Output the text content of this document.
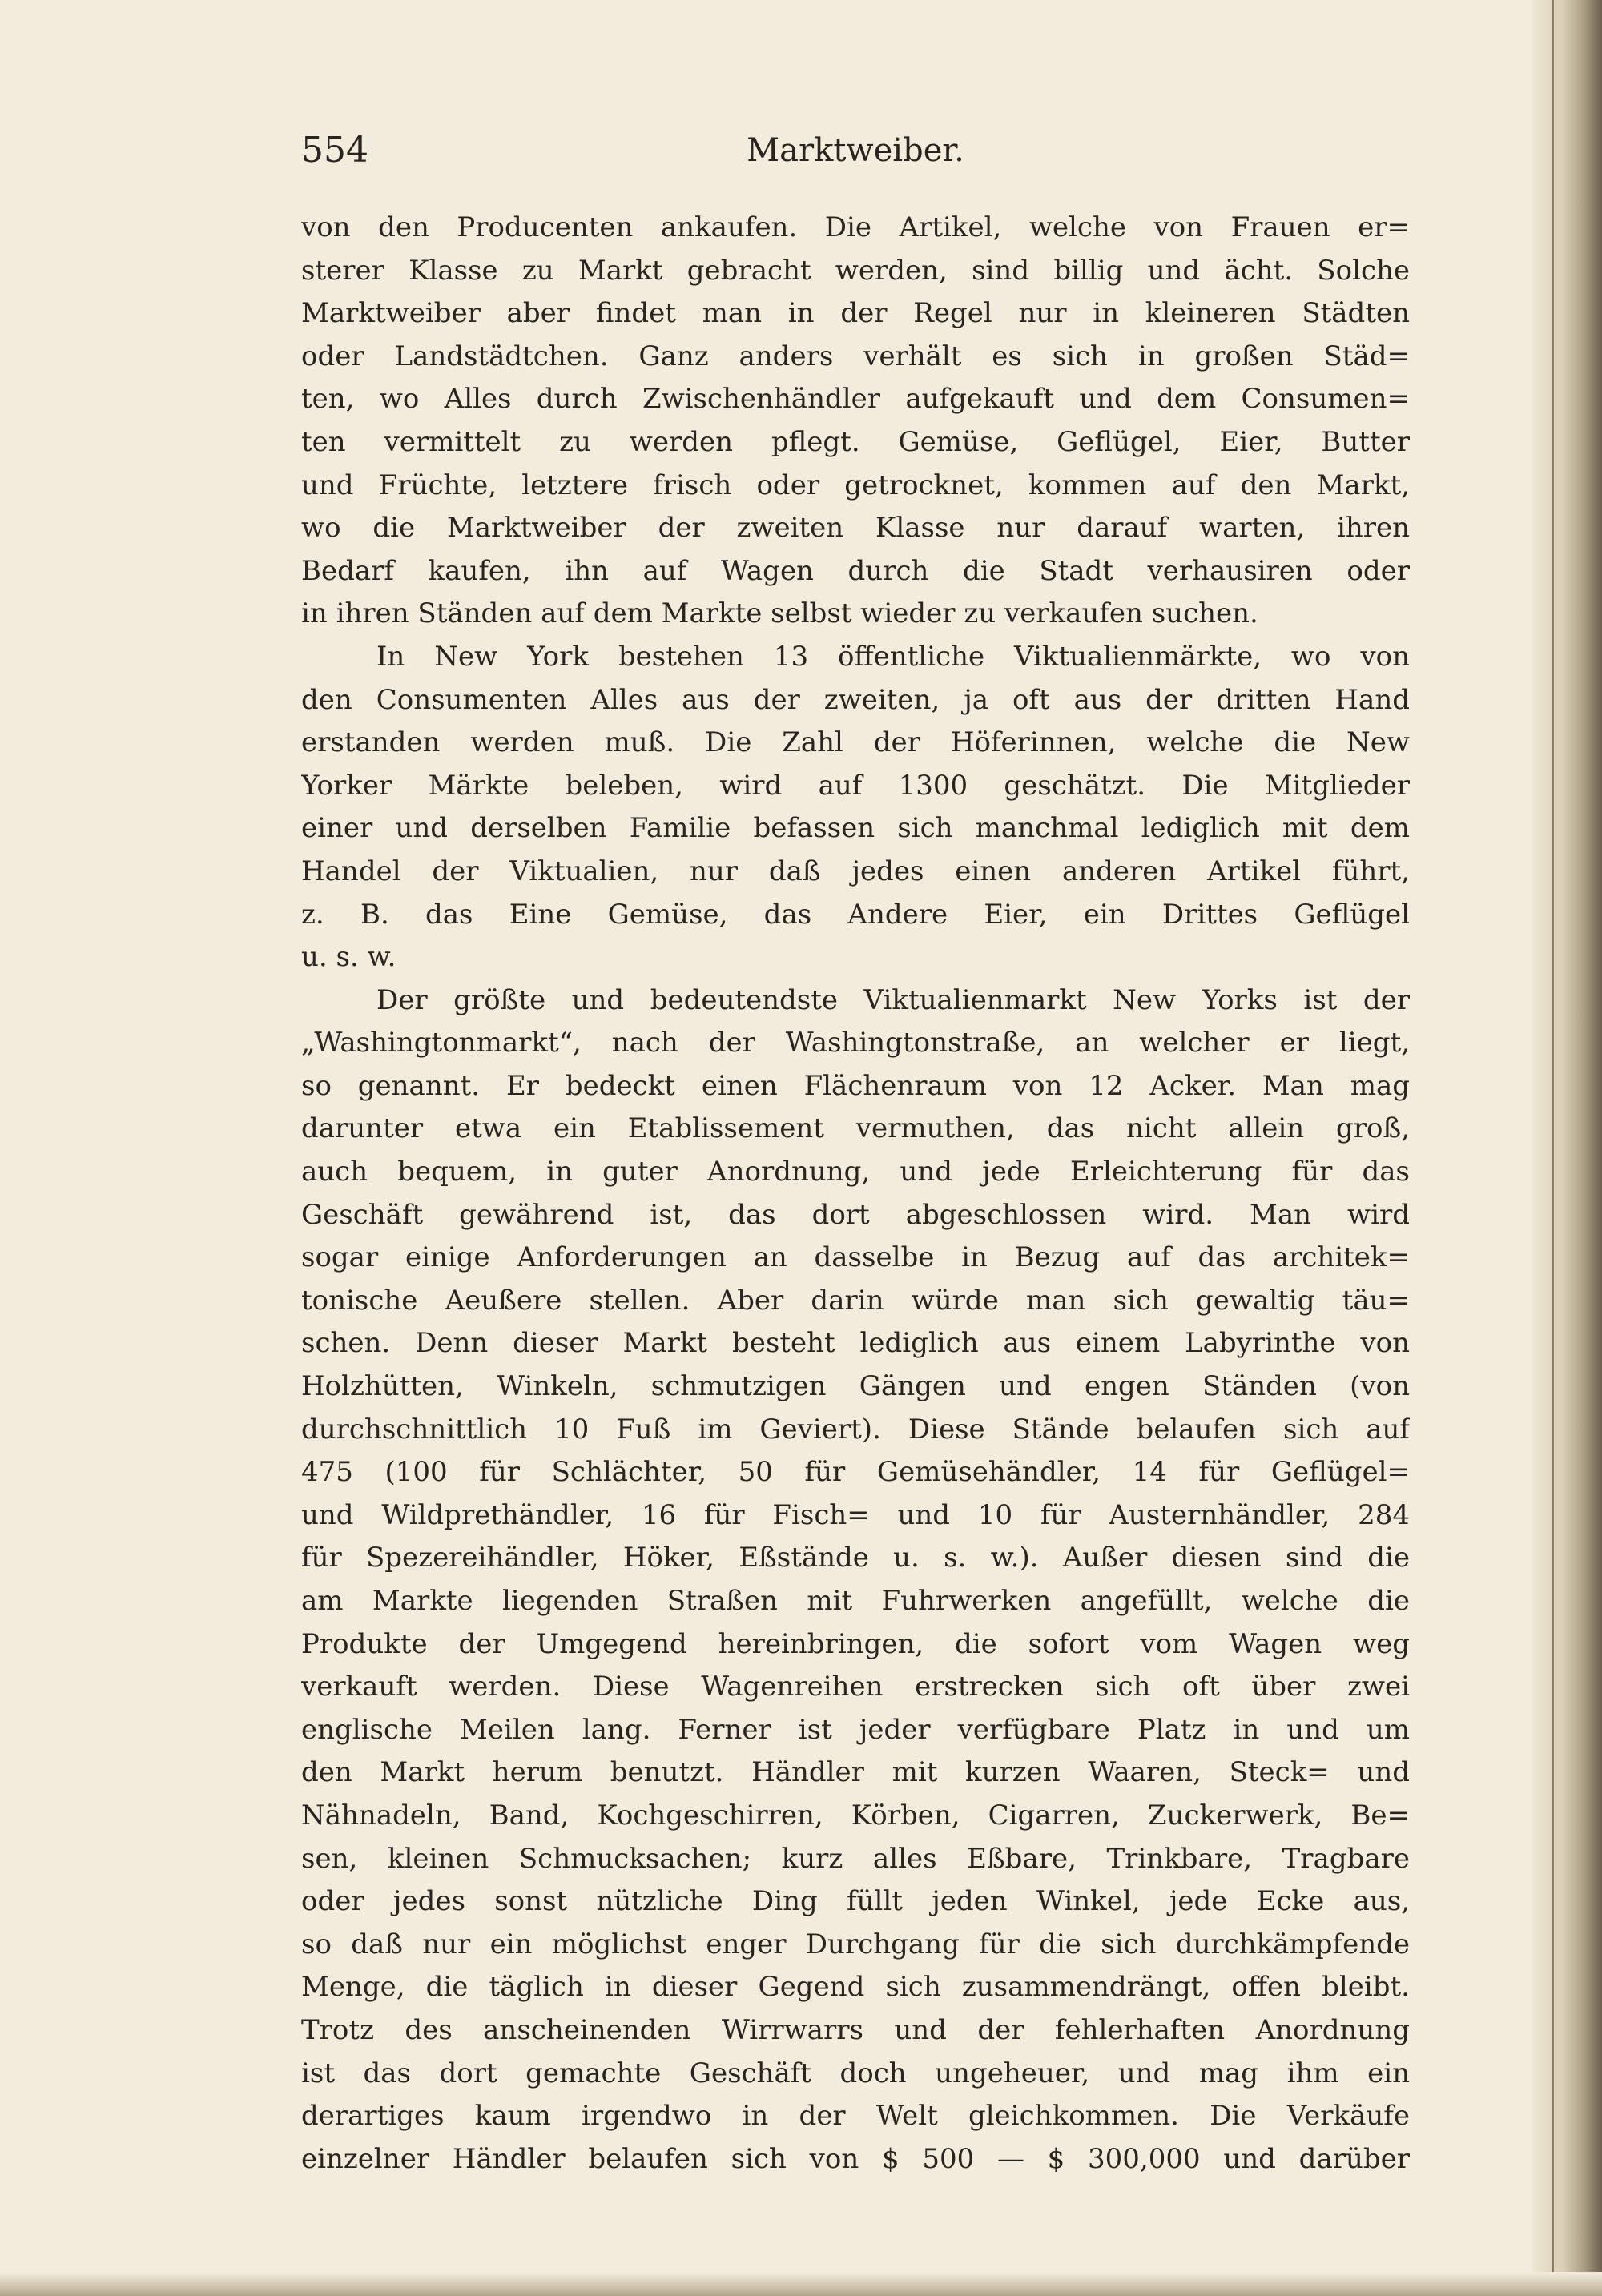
554	Marktweiber.
von den Producenten ankaufen. Die Artikel, welche von Frauen er=
sterer Klasse zu Markt gebracht werden, sind billig und ächt. Solche
Marktweiber aber findet man in der Regel nur in kleineren Städten
oder Landstädtchen. Ganz anders verhält es sich in großen Städ=
ten, wo Alles durch Zwischenhändler aufgekauft und dem Consumen=
ten vermittelt zu werden pflegt. Gemüse, Geflügel, Eier, Butter
und Früchte, letztere frisch oder getrocknet, kommen auf den Markt,
wo die Marktweiber der zweiten Klasse nur darauf warten, ihren
Bedarf kaufen, ihn auf Wagen durch die Stadt verhausiren oder
in ihren Ständen auf dem Markte selbst wieder zu verkaufen suchen.
In New York bestehen 13 öffentliche Viktualienmärkte, wo von
den Consumenten Alles aus der zweiten, ja oft aus der dritten Hand
erstanden werden muß. Die Zahl der Höferinnen, welche die New
Yorker Märkte beleben, wird auf 1300 geschätzt. Die Mitglieder
einer und derselben Familie befassen sich manchmal lediglich mit dem
Handel der Viktualien, nur daß jedes einen anderen Artikel führt,
z. B. das Eine Gemüse, das Andere Eier, ein Drittes Geflügel
u. s. w.
Der größte und bedeutendste Viktualienmarkt New Yorks ist der
„Washingtonmarkt“, nach der Washingtonstraße, an welcher er liegt,
so genannt. Er bedeckt einen Flächenraum von 12 Acker. Man mag
darunter etwa ein Etablissement vermuthen, das nicht allein groß,
auch bequem, in guter Anordnung, und jede Erleichterung für das
Geschäft gewährend ist, das dort abgeschlossen wird. Man wird
sogar einige Anforderungen an dasselbe in Bezug auf das architek=
tonische Aeußere stellen. Aber darin würde man sich gewaltig täu=
schen. Denn dieser Markt besteht lediglich aus einem Labyrinthe von
Holzhütten, Winkeln, schmutzigen Gängen und engen Ständen (von
durchschnittlich 10 Fuß im Geviert). Diese Stände belaufen sich auf
475 (100 für Schlächter, 50 für Gemüsehändler, 14 für Geflügel=
und Wildprethändler, 16 für Fisch= und 10 für Austernhändler, 284
für Spezereihändler, Höker, Eßstände u. s. w.). Außer diesen sind die
am Markte liegenden Straßen mit Fuhrwerken angefüllt, welche die
Produkte der Umgegend hereinbringen, die sofort vom Wagen weg
verkauft werden. Diese Wagenreihen erstrecken sich oft über zwei
englische Meilen lang. Ferner ist jeder verfügbare Platz in und um
den Markt herum benutzt. Händler mit kurzen Waaren, Steck= und
Nähnadeln, Band, Kochgeschirren, Körben, Cigarren, Zuckerwerk, Be=
sen, kleinen Schmucksachen; kurz alles Eßbare, Trinkbare, Tragbare
oder jedes sonst nützliche Ding füllt jeden Winkel, jede Ecke aus,
so daß nur ein möglichst enger Durchgang für die sich durchkämpfende
Menge, die täglich in dieser Gegend sich zusammendrängt, offen bleibt.
Trotz des anscheinenden Wirrwarrs und der fehlerhaften Anordnung
ist das dort gemachte Geschäft doch ungeheuer, und mag ihm ein
derartiges kaum irgendwo in der Welt gleichkommen. Die Verkäufe
einzelner Händler belaufen sich von $ 500 — $ 300,000 und darüber
